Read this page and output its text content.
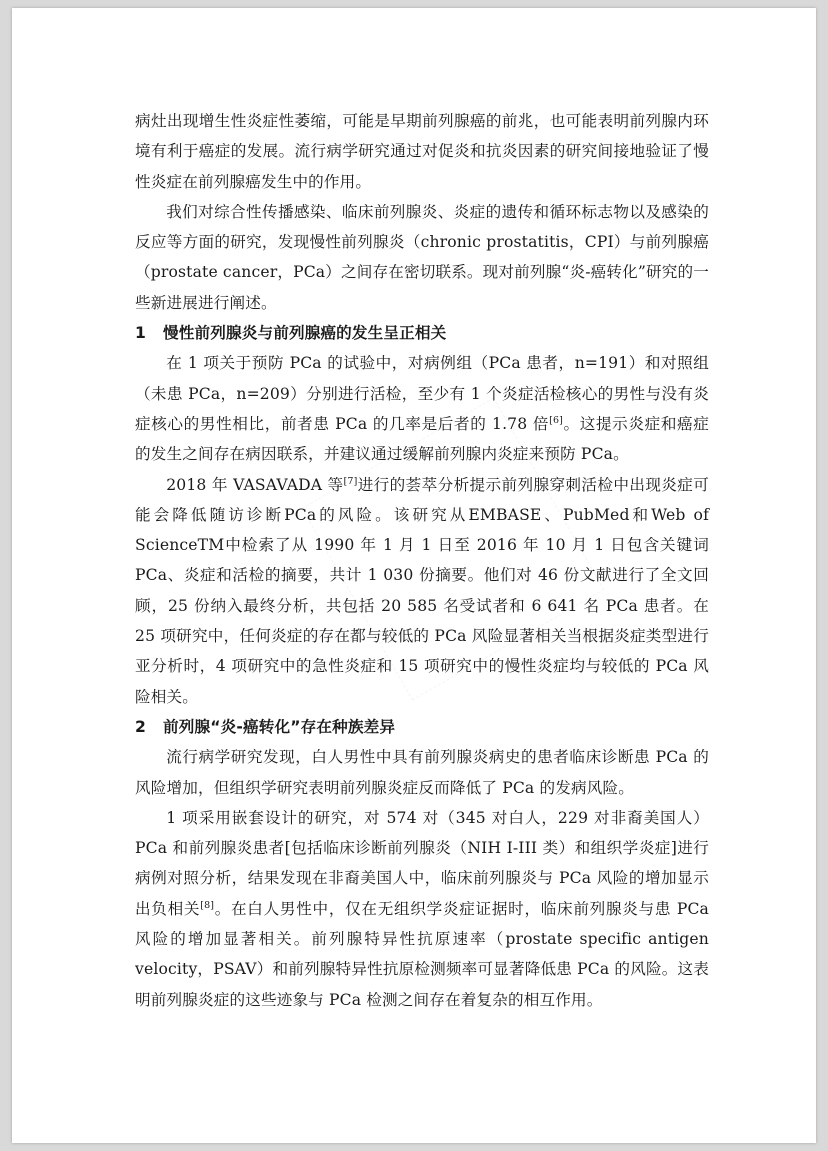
病灶出现增生性炎症性萎缩，可能是早期前列腺癌的前兆，也可能表明前列腺内环境有利于癌症的发展。流行病学研究通过对促炎和抗炎因素的研究间接地验证了慢性炎症在前列腺癌发生中的作用。

我们对综合性传播感染、临床前列腺炎、炎症的遗传和循环标志物以及感染的反应等方面的研究，发现慢性前列腺炎（chronic prostatitis，CPI）与前列腺癌（prostate cancer，PCa）之间存在密切联系。现对前列腺“炎-癌转化”研究的一些新进展进行阐述。

1 慢性前列腺炎与前列腺癌的发生呈正相关

在 1 项关于预防 PCa 的试验中，对病例组（PCa 患者，n=191）和对照组（未患 PCa，n=209）分别进行活检，至少有 1 个炎症活检核心的男性与没有炎症核心的男性相比，前者患 PCa 的几率是后者的 1.78 倍[6]。这提示炎症和癌症的发生之间存在病因联系，并建议通过缓解前列腺内炎症来预防 PCa。

2018 年 VASAVADA 等[7]进行的荟萃分析提示前列腺穿刺活检中出现炎症可能会降低随访诊断PCa的风险。该研究从EMBASE、PubMed和Web of ScienceTM中检索了从 1990 年 1 月 1 日至 2016 年 10 月 1 日包含关键词 PCa、炎症和活检的摘要，共计 1 030 份摘要。他们对 46 份文献进行了全文回顾，25 份纳入最终分析，共包括 20 585 名受试者和 6 641 名 PCa 患者。在 25 项研究中，任何炎症的存在都与较低的 PCa 风险显著相关当根据炎症类型进行亚分析时，4 项研究中的急性炎症和 15 项研究中的慢性炎症均与较低的 PCa 风险相关。

2 前列腺“炎-癌转化”存在种族差异

流行病学研究发现，白人男性中具有前列腺炎病史的患者临床诊断患 PCa 的风险增加，但组织学研究表明前列腺炎症反而降低了 PCa 的发病风险。

1 项采用嵌套设计的研究，对 574 对（345 对白人，229 对非裔美国人）PCa 和前列腺炎患者[包括临床诊断前列腺炎（NIH I-III 类）和组织学炎症]进行病例对照分析，结果发现在非裔美国人中，临床前列腺炎与 PCa 风险的增加显示出负相关[8]。在白人男性中，仅在无组织学炎症证据时，临床前列腺炎与患 PCa 风险的增加显著相关。前列腺特异性抗原速率（prostate specific antigen velocity，PSAV）和前列腺特异性抗原检测频率可显著降低患 PCa 的风险。这表明前列腺炎症的这些迹象与 PCa 检测之间存在着复杂的相互作用。
